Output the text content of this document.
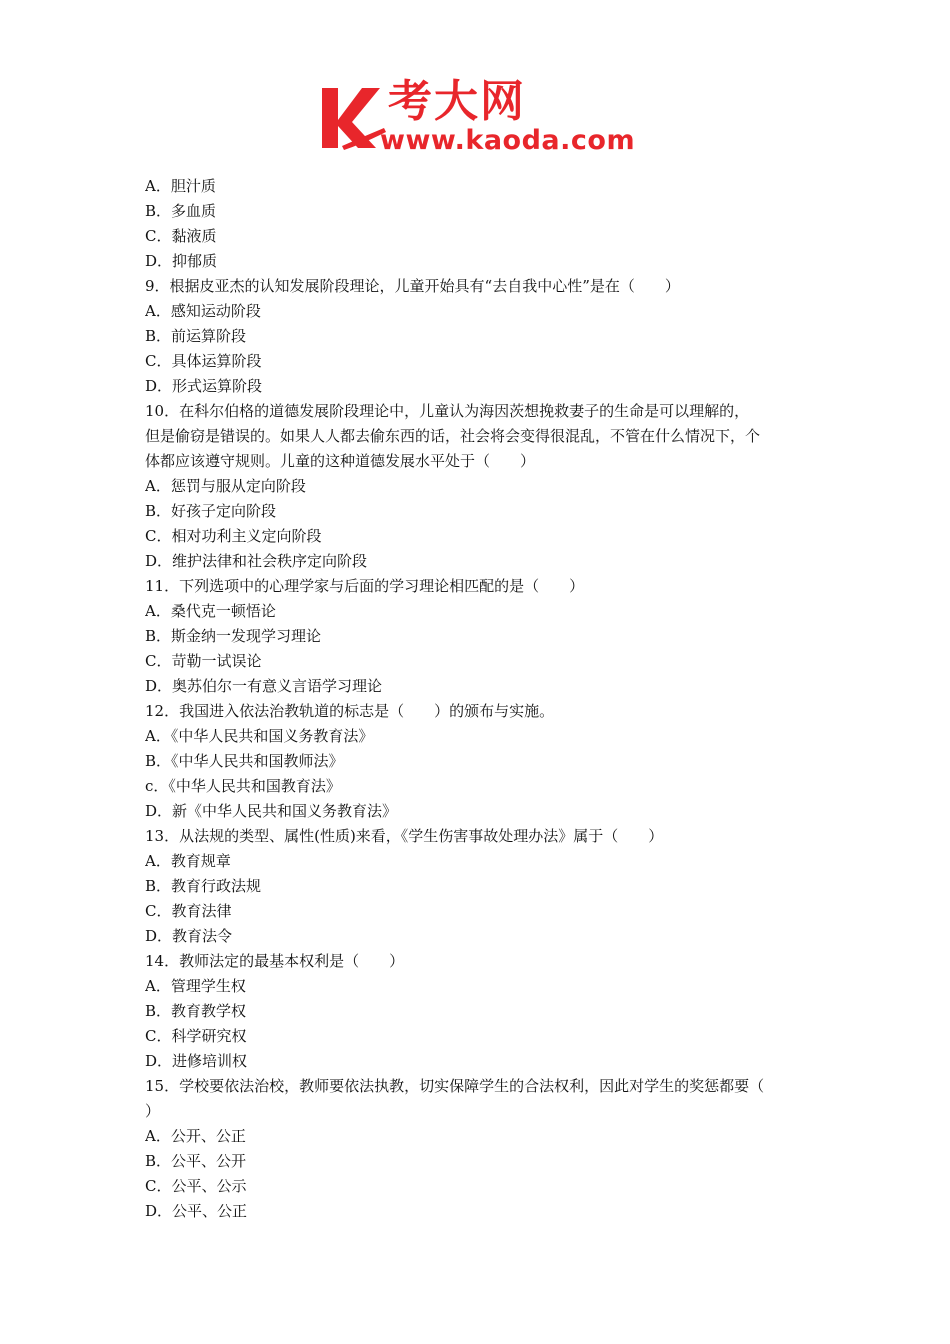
考大网
www.kaoda.com
A．胆汁质
B．多血质
C．黏液质
D．抑郁质
9．根据皮亚杰的认知发展阶段理论，儿童开始具有“去自我中心性”是在（　　）
A．感知运动阶段
B．前运算阶段
C．具体运算阶段
D．形式运算阶段
10．在科尔伯格的道德发展阶段理论中，儿童认为海因茨想挽救妻子的生命是可以理解的，
但是偷窃是错误的。如果人人都去偷东西的话，社会将会变得很混乱，不管在什么情况下，个
体都应该遵守规则。儿童的这种道德发展水平处于（　　）
A．惩罚与服从定向阶段
B．好孩子定向阶段
C．相对功利主义定向阶段
D．维护法律和社会秩序定向阶段
11．下列选项中的心理学家与后面的学习理论相匹配的是（　　）
A．桑代克一顿悟论
B．斯金纳一发现学习理论
C．苛勒一试误论
D．奥苏伯尔一有意义言语学习理论
12．我国进入依法治教轨道的标志是（　　）的颁布与实施。
A．《中华人民共和国义务教育法》
B．《中华人民共和国教师法》
c．《中华人民共和国教育法》
D．新《中华人民共和国义务教育法》
13．从法规的类型、属性(性质)来看，《学生伤害事故处理办法》属于（　　）
A．教育规章
B．教育行政法规
C．教育法律
D．教育法令
14．教师法定的最基本权利是（　　）
A．管理学生权
B．教育教学权
C．科学研究权
D．进修培训权
15．学校要依法治校，教师要依法执教，切实保障学生的合法权利，因此对学生的奖惩都要（
）
A．公开、公正
B．公平、公开
C．公平、公示
D．公平、公正
